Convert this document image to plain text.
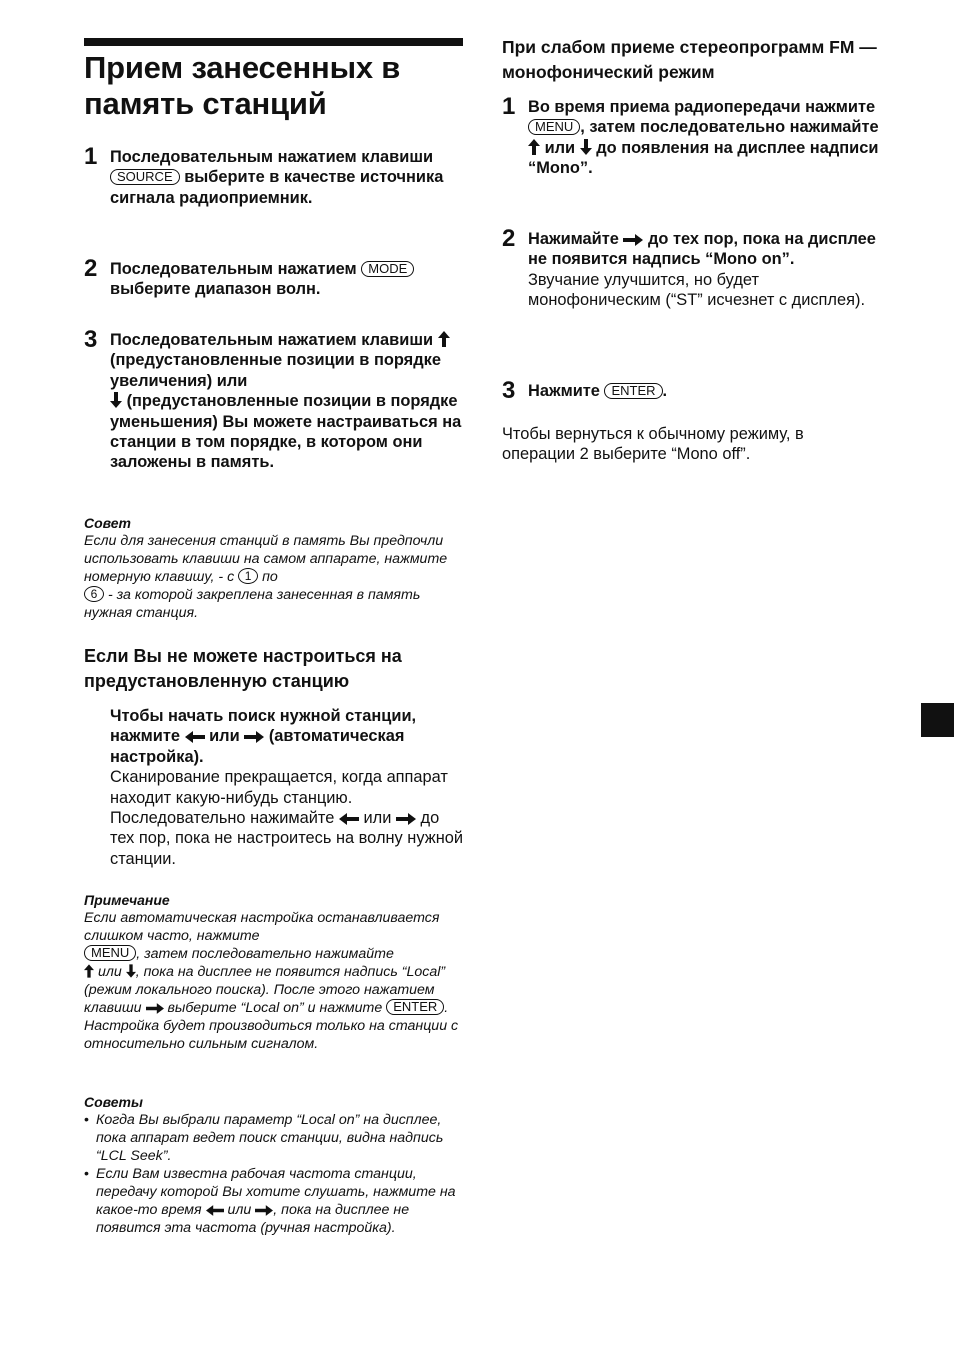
Прием занесенных в память станций
1 Последовательным нажатием клавиши SOURCE выберите в качестве источника сигнала радиоприемник.
2 Последовательным нажатием MODE выберите диапазон волн.
3 Последовательным нажатием клавиши
(предустановленные позиции в порядке увеличения) или

(предустановленные позиции в порядке уменьшения) Вы можете настраиваться на станции в том порядке, в котором они заложены в память.
Совет
Если для занесения станций в память Вы предпочли использовать клавиши на самом аппарате, нажмите номерную клавишу, - с 1 по
6 - за которой закреплена занесенная в память нужная станция.
Если Вы не можете настроиться на предустановленную станцию
Чтобы начать поиск нужной станции, нажмите или (автоматическая настройка).
Сканирование прекращается, когда аппарат находит какую-нибудь станцию. Последовательно нажимайте или до тех пор, пока не настроитесь на волну нужной станции.
Примечание
Если автоматическая настройка останавливается слишком часто, нажмите
MENU , затем последовательно нажимайте

или , пока на дисплее не появится надпись “Local” (режим локального поиска). После этого нажатием клавиши выберите “Local on” и нажмите ENTER .
Настройка будет производиться только на станции с относительно сильным сигналом.
Советы
• Когда Вы выбрали параметр “Local on” на дисплее, пока аппарат ведет поиск станции, видна надпись “LCL Seek”.
• Если Вам известна рабочая частота станции, передачу которой Вы хотите слушать, нажмите на какое-то время или , пока на дисплее не появится эта частота (ручная настройка).
При слабом приеме стереопрограмм FM — монофонический режим
1 Во время приема радиопередачи нажмите MENU , затем последовательно нажимайте
или до появления на дисплее надписи “Mono”.
2 Нажимайте до тех пор, пока на дисплее не появится надпись “Mono on”.
Звучание улучшится, но будет монофоническим (“ST” исчезнет с дисплея).
3 Нажмите ENTER .
Чтобы вернуться к обычному режиму, в операции 2 выберите “Mono off”.
